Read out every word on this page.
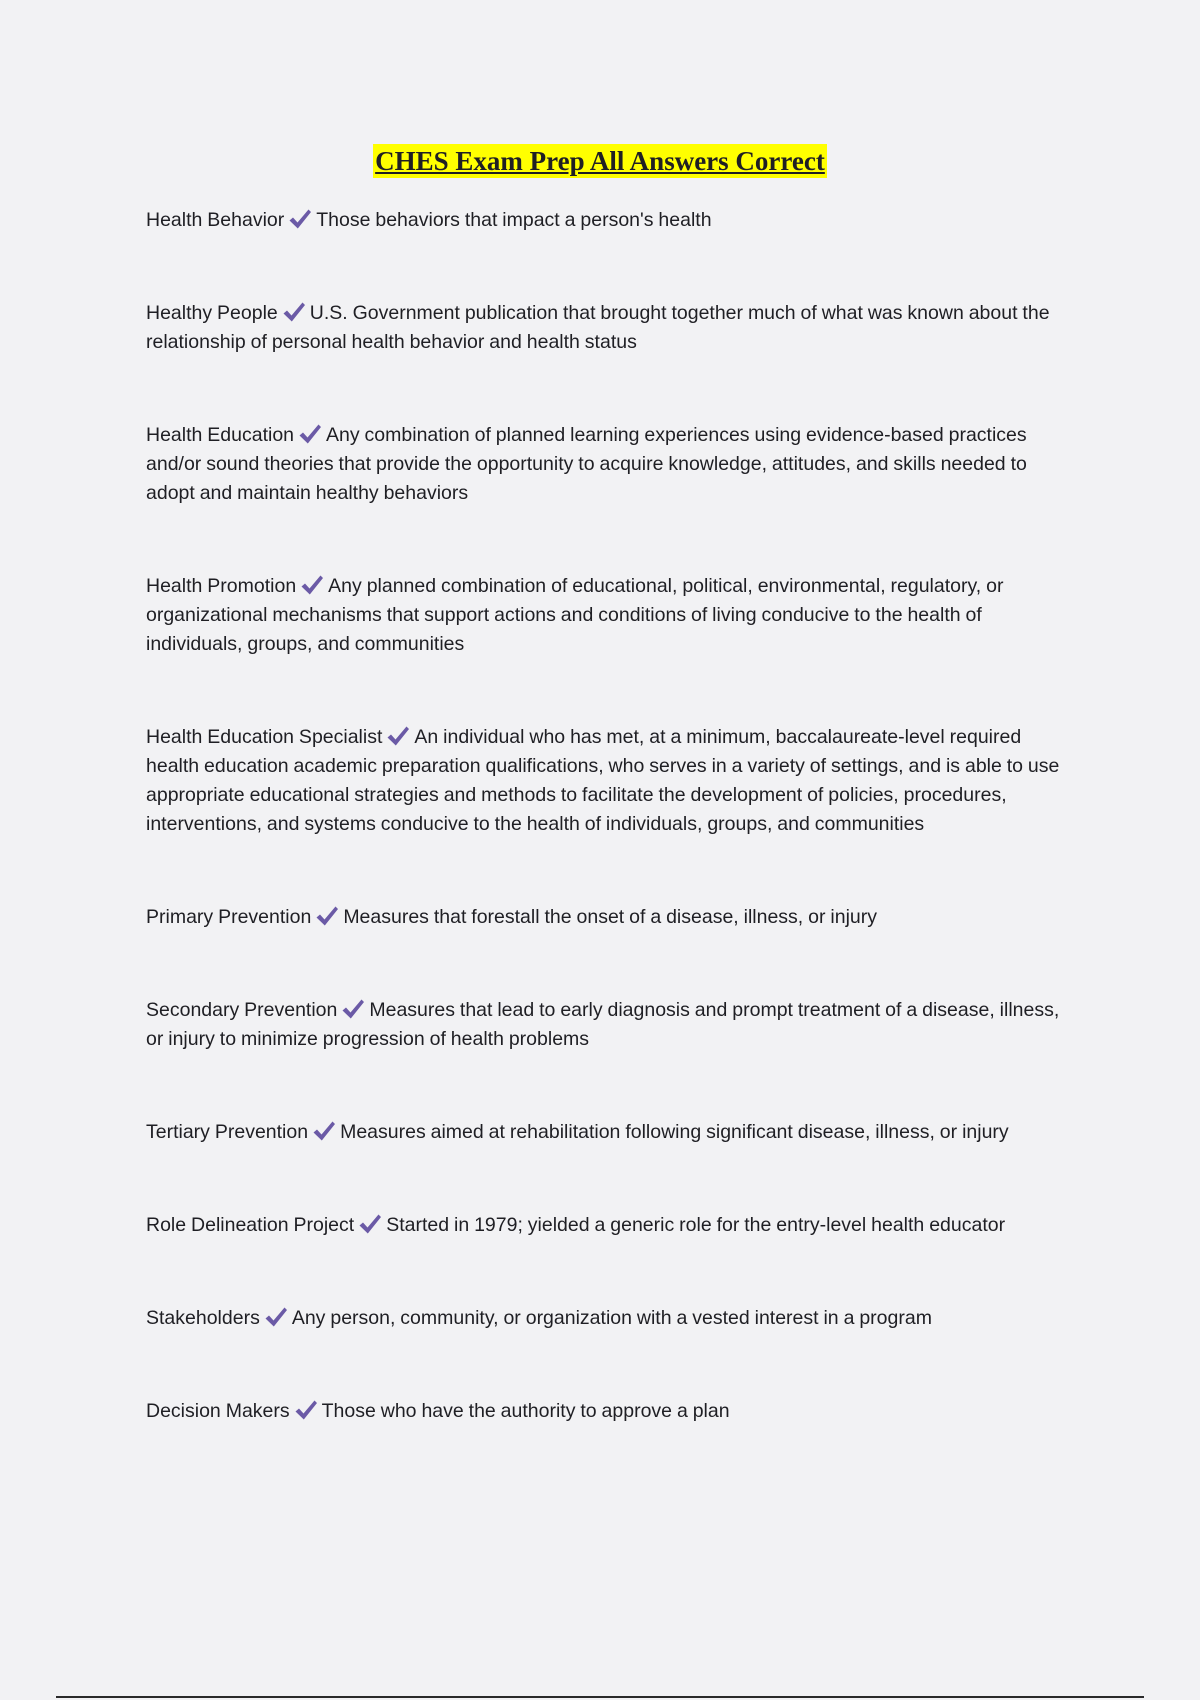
CHES Exam Prep All Answers Correct

Health Behavior Those behaviors that impact a person's health

Healthy People U.S. Government publication that brought together much of what was known about the relationship of personal health behavior and health status

Health Education Any combination of planned learning experiences using evidence-based practices and/or sound theories that provide the opportunity to acquire knowledge, attitudes, and skills needed to adopt and maintain healthy behaviors

Health Promotion Any planned combination of educational, political, environmental, regulatory, or organizational mechanisms that support actions and conditions of living conducive to the health of individuals, groups, and communities

Health Education Specialist An individual who has met, at a minimum, baccalaureate-level required health education academic preparation qualifications, who serves in a variety of settings, and is able to use appropriate educational strategies and methods to facilitate the development of policies, procedures, interventions, and systems conducive to the health of individuals, groups, and communities

Primary Prevention Measures that forestall the onset of a disease, illness, or injury

Secondary Prevention Measures that lead to early diagnosis and prompt treatment of a disease, illness, or injury to minimize progression of health problems

Tertiary Prevention Measures aimed at rehabilitation following significant disease, illness, or injury

Role Delineation Project Started in 1979; yielded a generic role for the entry-level health educator

Stakeholders Any person, community, or organization with a vested interest in a program

Decision Makers Those who have the authority to approve a plan
